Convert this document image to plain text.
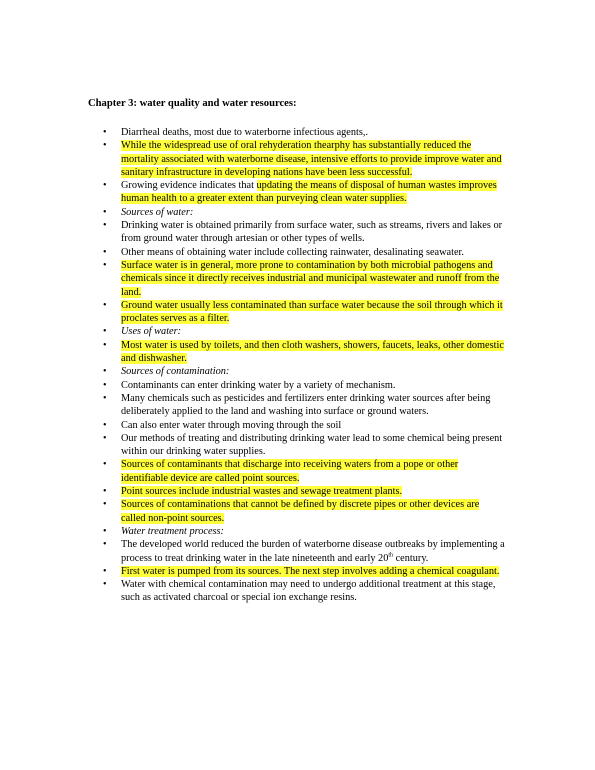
Chapter 3: water quality and water resources:
• Diarrheal deaths, most due to waterborne infectious agents,.
• While the widespread use of oral rehyderation thearphy has substantially reduced the mortality associated with waterborne disease, intensive efforts to provide improve water and sanitary infrastructure in developing nations have been less successful.
• Growing evidence indicates that updating the means of disposal of human wastes improves human health to a greater extent than purveying clean water supplies.
• Sources of water:
• Drinking water is obtained primarily from surface water, such as streams, rivers and lakes or from ground water through artesian or other types of wells.
• Other means of obtaining water include collecting rainwater, desalinating seawater.
• Surface water is in general, more prone to contamination by both microbial pathogens and chemicals since it directly receives industrial and municipal wastewater and runoff from the land.
• Ground water usually less contaminated than surface water because the soil through which it proclates serves as a filter.
• Uses of water:
• Most water is used by toilets, and then cloth washers, showers, faucets, leaks, other domestic and dishwasher.
• Sources of contamination:
• Contaminants can enter drinking water by a variety of mechanism.
• Many chemicals such as pesticides and fertilizers enter drinking water sources after being deliberately applied to the land and washing into surface or ground waters.
• Can also enter water through moving through the soil
• Our methods of treating and distributing drinking water lead to some chemical being present within our drinking water supplies.
• Sources of contaminants that discharge into receiving waters from a pope or other identifiable device are called point sources.
• Point sources include industrial wastes and sewage treatment plants.
• Sources of contaminations that cannot be defined by discrete pipes or other devices are called non-point sources.
• Water treatment process:
• The developed world reduced the burden of waterborne disease outbreaks by implementing a process to treat drinking water in the late nineteenth and early 20th century.
• First water is pumped from its sources. The next step involves adding a chemical coagulant.
• Water with chemical contamination may need to undergo additional treatment at this stage, such as activated charcoal or special ion exchange resins.
